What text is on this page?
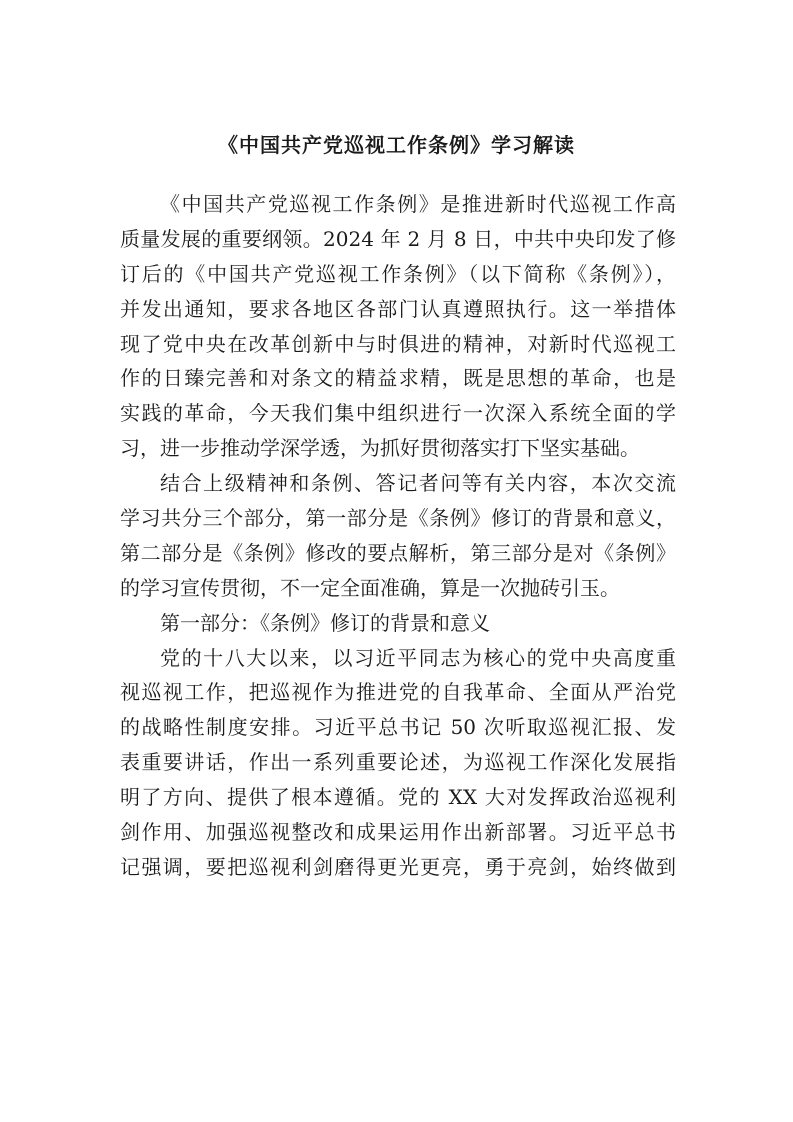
《中国共产党巡视工作条例》学习解读
《中国共产党巡视工作条例》是推进新时代巡视工作高
质量发展的重要纲领。2024 年 2 月 8 日，中共中央印发了修
订后的《中国共产党巡视工作条例》（以下简称《条例》），
并发出通知，要求各地区各部门认真遵照执行。这一举措体
现了党中央在改革创新中与时俱进的精神，对新时代巡视工
作的日臻完善和对条文的精益求精，既是思想的革命，也是
实践的革命，今天我们集中组织进行一次深入系统全面的学
习，进一步推动学深学透，为抓好贯彻落实打下坚实基础。
结合上级精神和条例、答记者问等有关内容，本次交流
学习共分三个部分，第一部分是《条例》修订的背景和意义，
第二部分是《条例》修改的要点解析，第三部分是对《条例》
的学习宣传贯彻，不一定全面准确，算是一次抛砖引玉。
第一部分：《条例》修订的背景和意义
党的十八大以来，以习近平同志为核心的党中央高度重
视巡视工作，把巡视作为推进党的自我革命、全面从严治党
的战略性制度安排。习近平总书记 50 次听取巡视汇报、发
表重要讲话，作出一系列重要论述，为巡视工作深化发展指
明了方向、提供了根本遵循。党的 XX 大对发挥政治巡视利
剑作用、加强巡视整改和成果运用作出新部署。习近平总书
记强调，要把巡视利剑磨得更光更亮，勇于亮剑，始终做到
